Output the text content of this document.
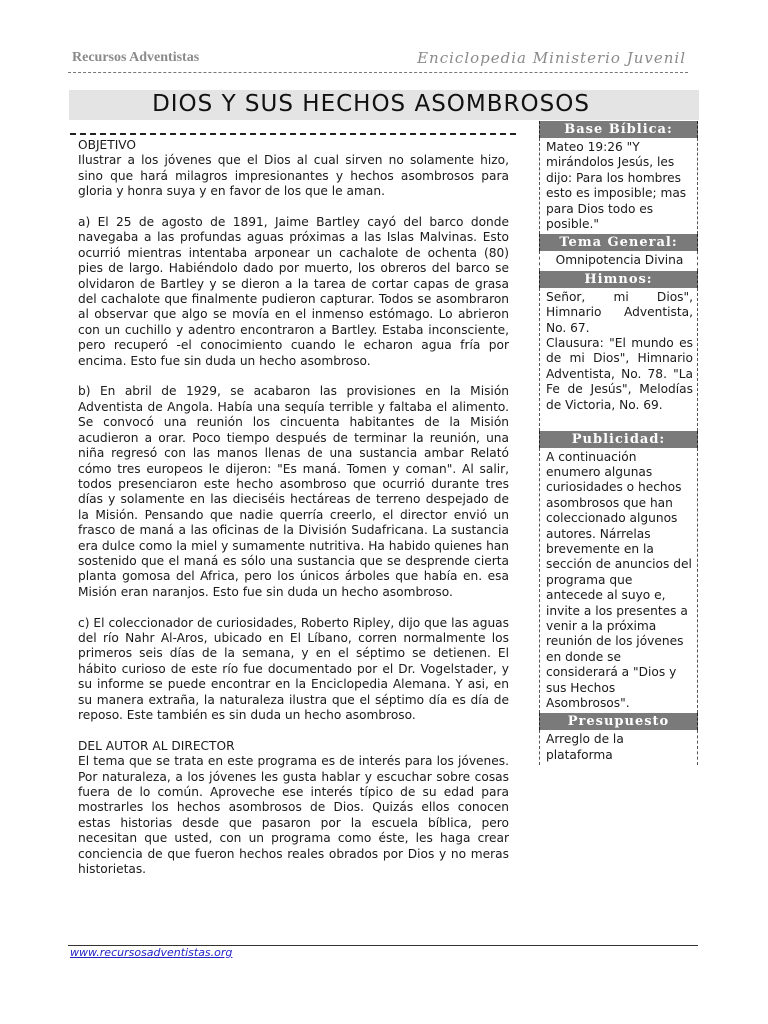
Recursos Adventistas	Enciclopedia Ministerio Juvenil
DIOS Y SUS HECHOS ASOMBROSOS

OBJETIVO
Ilustrar a los jóvenes que el Dios al cual sirven no solamente hizo, sino que hará milagros impresionantes y hechos asombrosos para gloria y honra suya y en favor de los que le aman.

a) El 25 de agosto de 1891, Jaime Bartley cayó del barco donde navegaba a las profundas aguas próximas a las Islas Malvinas. Esto ocurrió mientras intentaba arponear un cachalote de ochenta (80) pies de largo. Habiéndolo dado por muerto, los obreros del barco se olvidaron de Bartley y se dieron a la tarea de cortar capas de grasa del cachalote que finalmente pudieron capturar. Todos se asombraron al observar que algo se movía en el inmenso estómago. Lo abrieron con un cuchillo y adentro encontraron a Bartley. Estaba inconsciente, pero recuperó -el conocimiento cuando le echaron agua fría por encima. Esto fue sin duda un hecho asombroso.

b) En abril de 1929, se acabaron las provisiones en la Misión Adventista de Angola. Había una sequía terrible y faltaba el alimento. Se convocó una reunión los cincuenta habitantes de la Misión acudieron a orar. Poco tiempo después de terminar la reunión, una niña regresó con las manos llenas de una sustancia ambar Relató cómo tres europeos le dijeron: "Es maná. Tomen y coman". Al salir, todos presenciaron este hecho asombroso que ocurrió durante tres días y solamente en las dieciséis hectáreas de terreno despejado de la Misión. Pensando que nadie querría creerlo, el director envió un frasco de maná a las oficinas de la División Sudafricana. La sustancia era dulce como la miel y sumamente nutritiva. Ha habido quienes han sostenido que el maná es sólo una sustancia que se desprende cierta planta gomosa del Africa, pero los únicos árboles que había en. esa Misión eran naranjos. Esto fue sin duda un hecho asombroso.

c) El coleccionador de curiosidades, Roberto Ripley, dijo que las aguas del río Nahr Al-Aros, ubicado en El Líbano, corren normalmente los primeros seis días de la semana, y en el séptimo se detienen. El hábito curioso de este río fue documentado por el Dr. Vogelstader, y su informe se puede encontrar en la Enciclopedia Alemana. Y asi, en su manera extraña, la naturaleza ilustra que el séptimo día es día de reposo. Este también es sin duda un hecho asombroso.

DEL AUTOR AL DIRECTOR
El tema que se trata en este programa es de interés para los jóvenes. Por naturaleza, a los jóvenes les gusta hablar y escuchar sobre cosas fuera de lo común. Aproveche ese interés típico de su edad para mostrarles los hechos asombrosos de Dios. Quizás ellos conocen estas historias desde que pasaron por la escuela bíblica, pero necesitan que usted, con un programa como éste, les haga crear conciencia de que fueron hechos reales obrados por Dios y no meras historietas.

Base Bíblica:
Mateo 19:26 "Y mirándolos Jesús, les dijo: Para los hombres esto es imposible; mas para Dios todo es posible."
Tema General:
Omnipotencia Divina
Himnos:

Señor, mi Dios", Himnario Adventista, No. 67.

Clausura: "El mundo es de mi Dios", Himnario Adventista, No. 78. "La Fe de Jesús", Melodías de Victoria, No. 69.

Publicidad:
A continuación enumero algunas curiosidades o hechos asombrosos que han coleccionado algunos autores. Nárrelas brevemente en la sección de anuncios del programa que antecede al suyo e, invite a los presentes a venir a la próxima reunión de los jóvenes en donde se considerará a "Dios y sus Hechos Asombrosos".
Presupuesto
Arreglo de la plataforma
www.recursosadventistas.org
